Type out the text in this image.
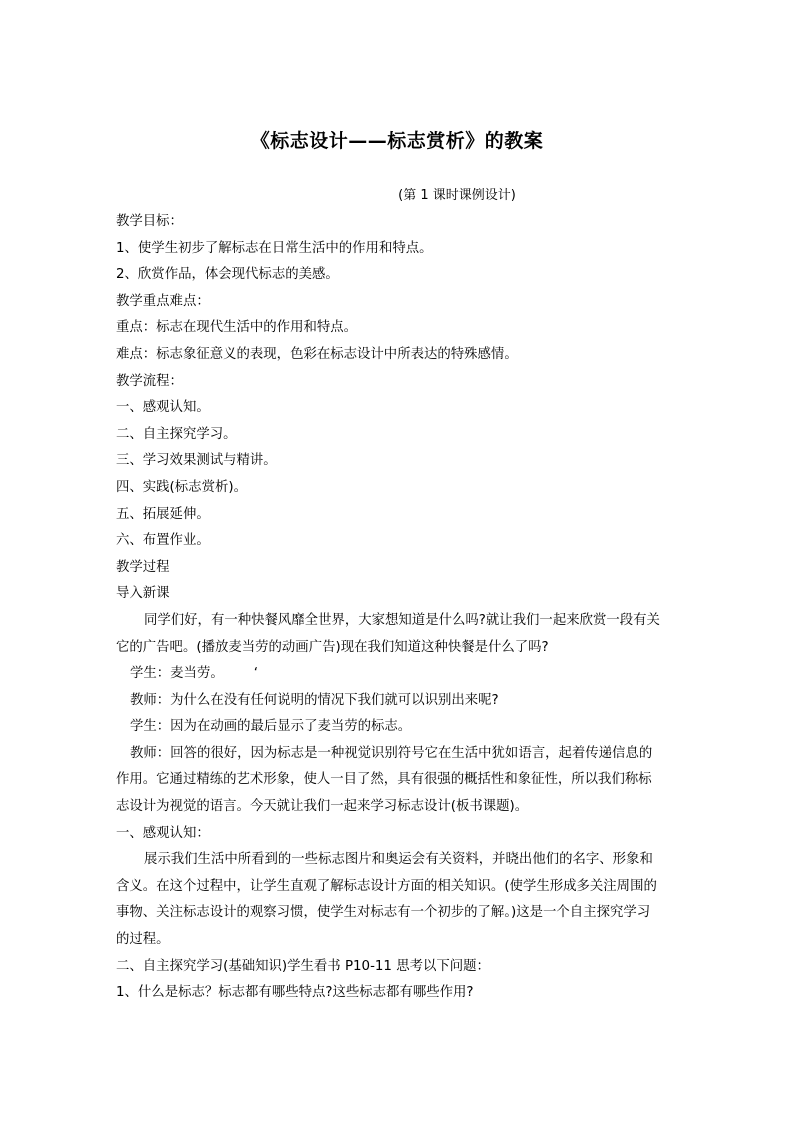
《标志设计——标志赏析》的教案
(第 1 课时课例设计)
教学目标：
1、使学生初步了解标志在日常生活中的作用和特点。
2、欣赏作品，体会现代标志的美感。
教学重点难点：
重点：标志在现代生活中的作用和特点。
难点：标志象征意义的表现，色彩在标志设计中所表达的特殊感情。
教学流程：
一、感观认知。
二、自主探究学习。
三、学习效果测试与精讲。
四、实践(标志赏析)。
五、拓展延伸。
六、布置作业。
教学过程
导入新课
同学们好，有一种快餐风靡全世界，大家想知道是什么吗?就让我们一起来欣赏一段有关
它的广告吧。(播放麦当劳的动画广告)现在我们知道这种快餐是什么了吗?
学生：麦当劳。 ‘
教师：为什么在没有任何说明的情况下我们就可以识别出来呢?
学生：因为在动画的最后显示了麦当劳的标志。
教师：回答的很好，因为标志是一种视觉识别符号它在生活中犹如语言，起着传递信息的
作用。它通过精练的艺术形象，使人一目了然，具有很强的概括性和象征性，所以我们称标
志设计为视觉的语言。今天就让我们一起来学习标志设计(板书课题)。
一、感观认知：
展示我们生活中所看到的一些标志图片和奥运会有关资料，并晓出他们的名字、形象和
含义。在这个过程中，让学生直观了解标志设计方面的相关知识。(使学生形成多关注周围的
事物、关注标志设计的观察习惯，使学生对标志有一个初步的了解。)这是一个自主探究学习
的过程。
二、自主探究学习(基础知识)学生看书 P10-11 思考以下问题：
1、什么是标志？标志都有哪些特点?这些标志都有哪些作用?
